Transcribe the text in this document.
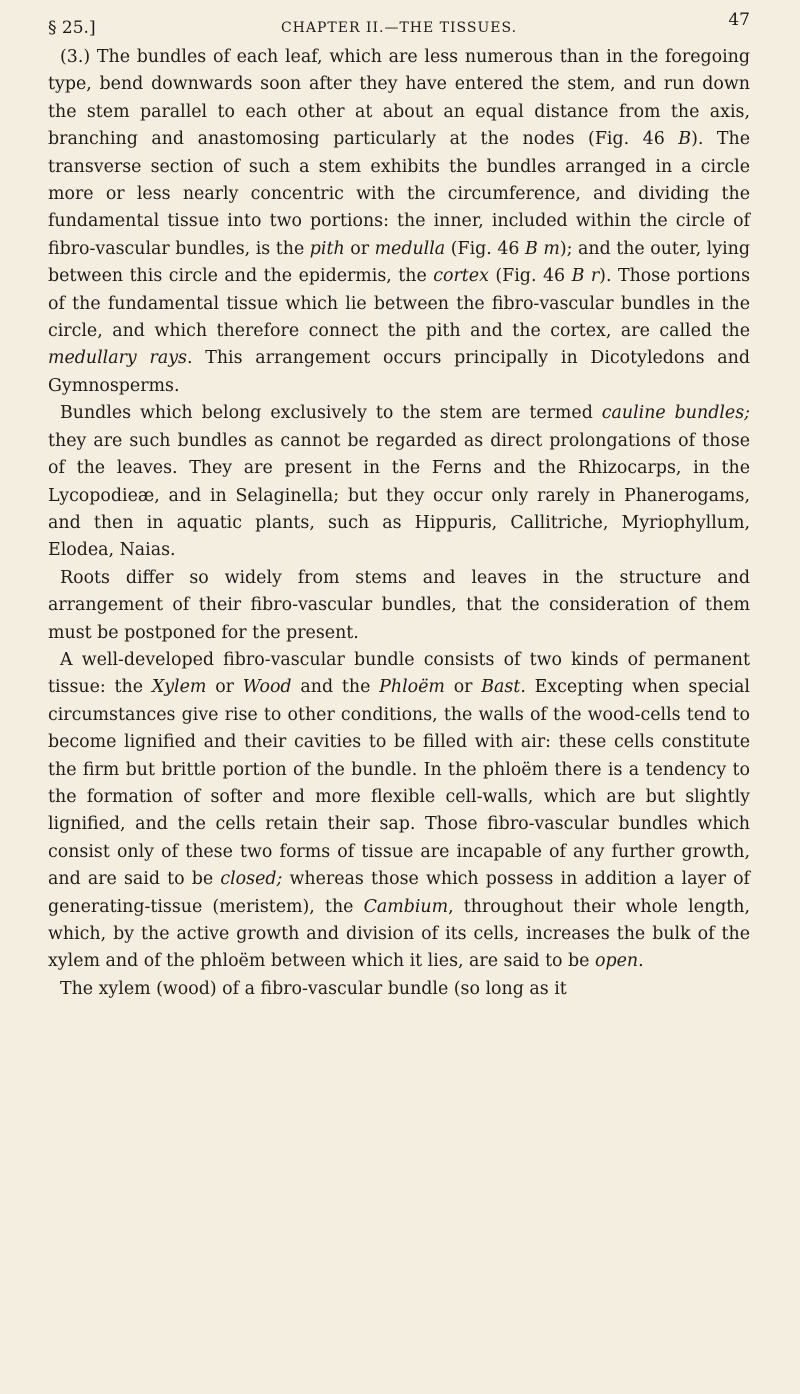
§ 25.]	CHAPTER II.—THE TISSUES.	47

(3.) The bundles of each leaf, which are less numerous than in the foregoing type, bend downwards soon after they have entered the stem, and run down the stem parallel to each other at about an equal distance from the axis, branching and anastomosing particularly at the nodes (Fig. 46 B). The transverse section of such a stem exhibits the bundles arranged in a circle more or less nearly concentric with the circumference, and dividing the fundamental tissue into two portions: the inner, included within the circle of fibro-vascular bundles, is the pith or medulla (Fig. 46 B m); and the outer, lying between this circle and the epidermis, the cortex (Fig. 46 B r). Those portions of the fundamental tissue which lie between the fibro-vascular bundles in the circle, and which therefore connect the pith and the cortex, are called the medullary rays. This arrangement occurs principally in Dicotyledons and Gymnosperms.

Bundles which belong exclusively to the stem are termed cauline bundles; they are such bundles as cannot be regarded as direct prolongations of those of the leaves. They are present in the Ferns and the Rhizocarps, in the Lycopodieæ, and in Selaginella; but they occur only rarely in Phanerogams, and then in aquatic plants, such as Hippuris, Callitriche, Myriophyllum, Elodea, Naias.

Roots differ so widely from stems and leaves in the structure and arrangement of their fibro-vascular bundles, that the consideration of them must be postponed for the present.

A well-developed fibro-vascular bundle consists of two kinds of permanent tissue: the Xylem or Wood and the Phloëm or Bast. Excepting when special circumstances give rise to other conditions, the walls of the wood-cells tend to become lignified and their cavities to be filled with air: these cells constitute the firm but brittle portion of the bundle. In the phloëm there is a tendency to the formation of softer and more flexible cell-walls, which are but slightly lignified, and the cells retain their sap. Those fibro-vascular bundles which consist only of these two forms of tissue are incapable of any further growth, and are said to be closed; whereas those which possess in addition a layer of generating-tissue (meristem), the Cambium, throughout their whole length, which, by the active growth and division of its cells, increases the bulk of the xylem and of the phloëm between which it lies, are said to be open.

The xylem (wood) of a fibro-vascular bundle (so long as it
